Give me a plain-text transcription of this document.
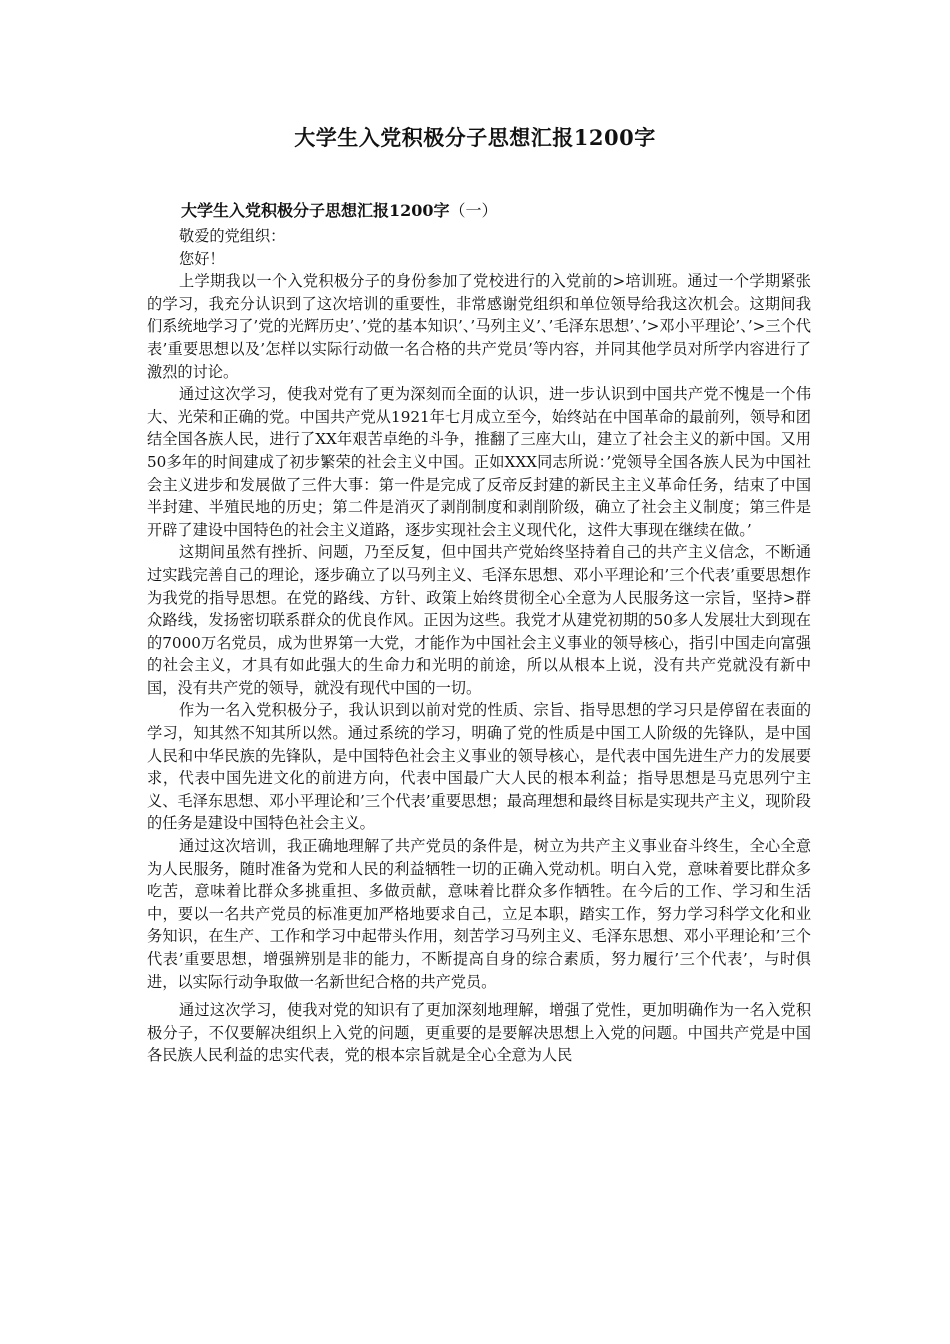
大学生入党积极分子思想汇报1200字
大学生入党积极分子思想汇报1200字（一）

敬爱的党组织：

您好！

上学期我以一个入党积极分子的身份参加了党校进行的入党前的>培训班。通过一个学期紧张的学习，我充分认识到了这次培训的重要性，非常感谢党组织和单位领导给我这次机会。这期间我们系统地学习了’党的光辉历史’、’党的基本知识’、’马列主义’、’毛泽东思想’、’>邓小平理论’、’>三个代表’重要思想以及’怎样以实际行动做一名合格的共产党员’等内容，并同其他学员对所学内容进行了激烈的讨论。

通过这次学习，使我对党有了更为深刻而全面的认识，进一步认识到中国共产党不愧是一个伟大、光荣和正确的党。中国共产党从1921年七月成立至今，始终站在中国革命的最前列，领导和团结全国各族人民，进行了XX年艰苦卓绝的斗争，推翻了三座大山，建立了社会主义的新中国。又用50多年的时间建成了初步繁荣的社会主义中国。正如XXX同志所说：’党领导全国各族人民为中国社会主义进步和发展做了三件大事：第一件是完成了反帝反封建的新民主主义革命任务，结束了中国半封建、半殖民地的历史；第二件是消灭了剥削制度和剥削阶级，确立了社会主义制度；第三件是开辟了建设中国特色的社会主义道路，逐步实现社会主义现代化，这件大事现在继续在做。’

这期间虽然有挫折、问题，乃至反复，但中国共产党始终坚持着自己的共产主义信念，不断通过实践完善自己的理论，逐步确立了以马列主义、毛泽东思想、邓小平理论和’三个代表’重要思想作为我党的指导思想。在党的路线、方针、政策上始终贯彻全心全意为人民服务这一宗旨，坚持>群众路线，发扬密切联系群众的优良作风。正因为这些。我党才从建党初期的50多人发展壮大到现在的7000万名党员，成为世界第一大党，才能作为中国社会主义事业的领导核心，指引中国走向富强的社会主义，才具有如此强大的生命力和光明的前途，所以从根本上说，没有共产党就没有新中国，没有共产党的领导，就没有现代中国的一切。

作为一名入党积极分子，我认识到以前对党的性质、宗旨、指导思想的学习只是停留在表面的学习，知其然不知其所以然。通过系统的学习，明确了党的性质是中国工人阶级的先锋队，是中国人民和中华民族的先锋队，是中国特色社会主义事业的领导核心，是代表中国先进生产力的发展要求，代表中国先进文化的前进方向，代表中国最广大人民的根本利益；指导思想是马克思列宁主义、毛泽东思想、邓小平理论和’三个代表’重要思想；最高理想和最终目标是实现共产主义，现阶段的任务是建设中国特色社会主义。

通过这次培训，我正确地理解了共产党员的条件是，树立为共产主义事业奋斗终生，全心全意为人民服务，随时准备为党和人民的利益牺牲一切的正确入党动机。明白入党，意味着要比群众多吃苦，意味着比群众多挑重担、多做贡献，意味着比群众多作牺牲。在今后的工作、学习和生活中，要以一名共产党员的标准更加严格地要求自己，立足本职，踏实工作，努力学习科学文化和业务知识，在生产、工作和学习中起带头作用，刻苦学习马列主义、毛泽东思想、邓小平理论和’三个代表’重要思想，增强辨别是非的能力，不断提高自身的综合素质，努力履行’三个代表’，与时俱进，以实际行动争取做一名新世纪合格的共产党员。

通过这次学习，使我对党的知识有了更加深刻地理解，增强了党性，更加明确作为一名入党积极分子，不仅要解决组织上入党的问题，更重要的是要解决思想上入党的问题。中国共产党是中国各民族人民利益的忠实代表，党的根本宗旨就是全心全意为人民
